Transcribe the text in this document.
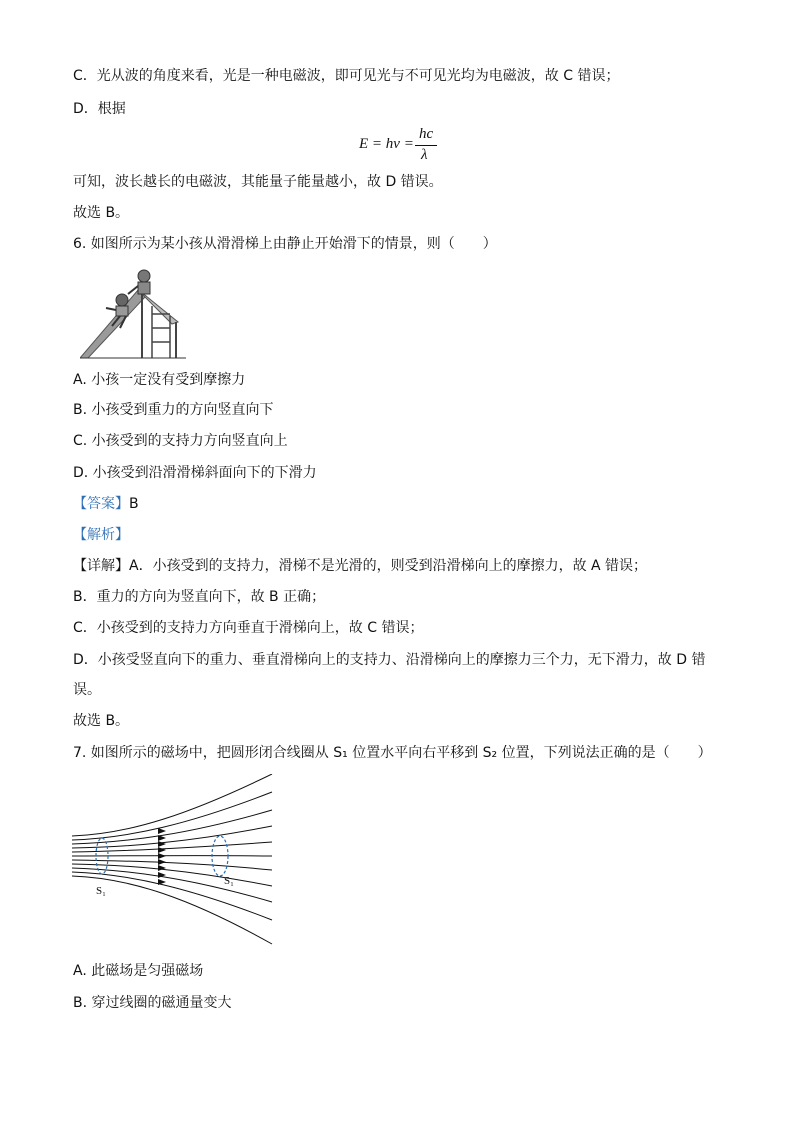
C．光从波的角度来看，光是一种电磁波，即可见光与不可见光均为电磁波，故 C 错误；
D．根据
E = hν =
hc
λ
可知，波长越长的电磁波，其能量子能量越小，故 D 错误。
故选 B。
6. 如图所示为某小孩从滑滑梯上由静止开始滑下的情景，则（　　）
A. 小孩一定没有受到摩擦力
B. 小孩受到重力的方向竖直向下
C. 小孩受到的支持力方向竖直向上
D. 小孩受到沿滑滑梯斜面向下的下滑力
【答案】B
【解析】
【详解】A．小孩受到的支持力，滑梯不是光滑的，则受到沿滑梯向上的摩擦力，故 A 错误；
B．重力的方向为竖直向下，故 B 正确；
C．小孩受到的支持力方向垂直于滑梯向上，故 C 错误；
D．小孩受竖直向下的重力、垂直滑梯向上的支持力、沿滑梯向上的摩擦力三个力，无下滑力，故 D 错
误。
故选 B。
7. 如图所示的磁场中，把圆形闭合线圈从 S₁ 位置水平向右平移到 S₂ 位置，下列说法正确的是（　　）
S₁
S₁
A. 此磁场是匀强磁场
B. 穿过线圈的磁通量变大
